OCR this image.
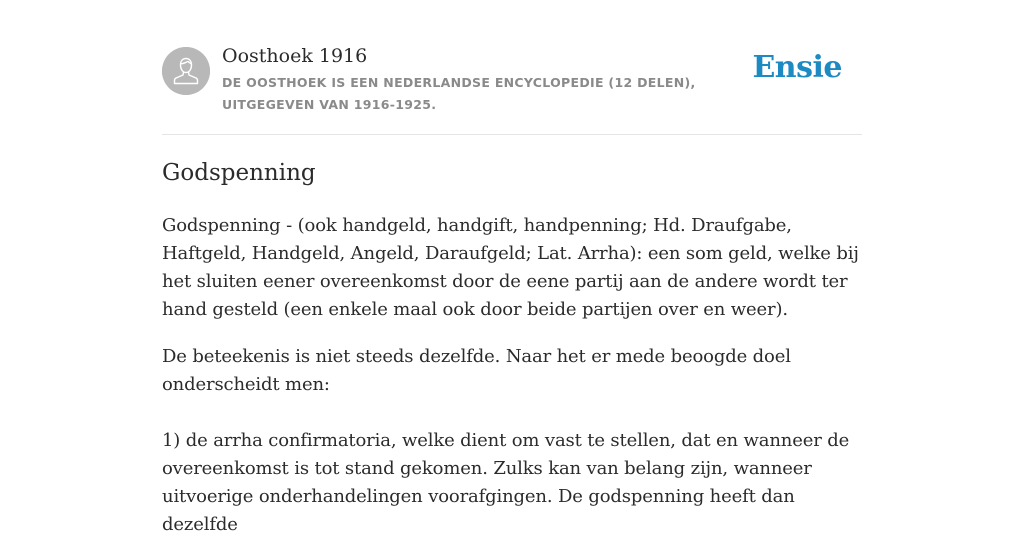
Oosthoek 1916
DE OOSTHOEK IS EEN NEDERLANDSE ENCYCLOPEDIE (12 DELEN), UITGEGEVEN VAN 1916-1925.
Ensie
Godspenning

Godspenning - (ook handgeld, handgift, handpenning; Hd. Draufgabe, Haftgeld, Handgeld, Angeld, Daraufgeld; Lat. Arrha): een som geld, welke bij het sluiten eener overeenkomst door de eene partij aan de andere wordt ter hand gesteld (een enkele maal ook door beide partijen over en weer).

De beteekenis is niet steeds dezelfde. Naar het er mede beoogde doel onderscheidt men:

1) de arrha confirmatoria, welke dient om vast te stellen, dat en wanneer de overeenkomst is tot stand gekomen. Zulks kan van belang zijn, wanneer uitvoerige onderhandelingen voorafgingen. De godspenning heeft dan dezelfde
